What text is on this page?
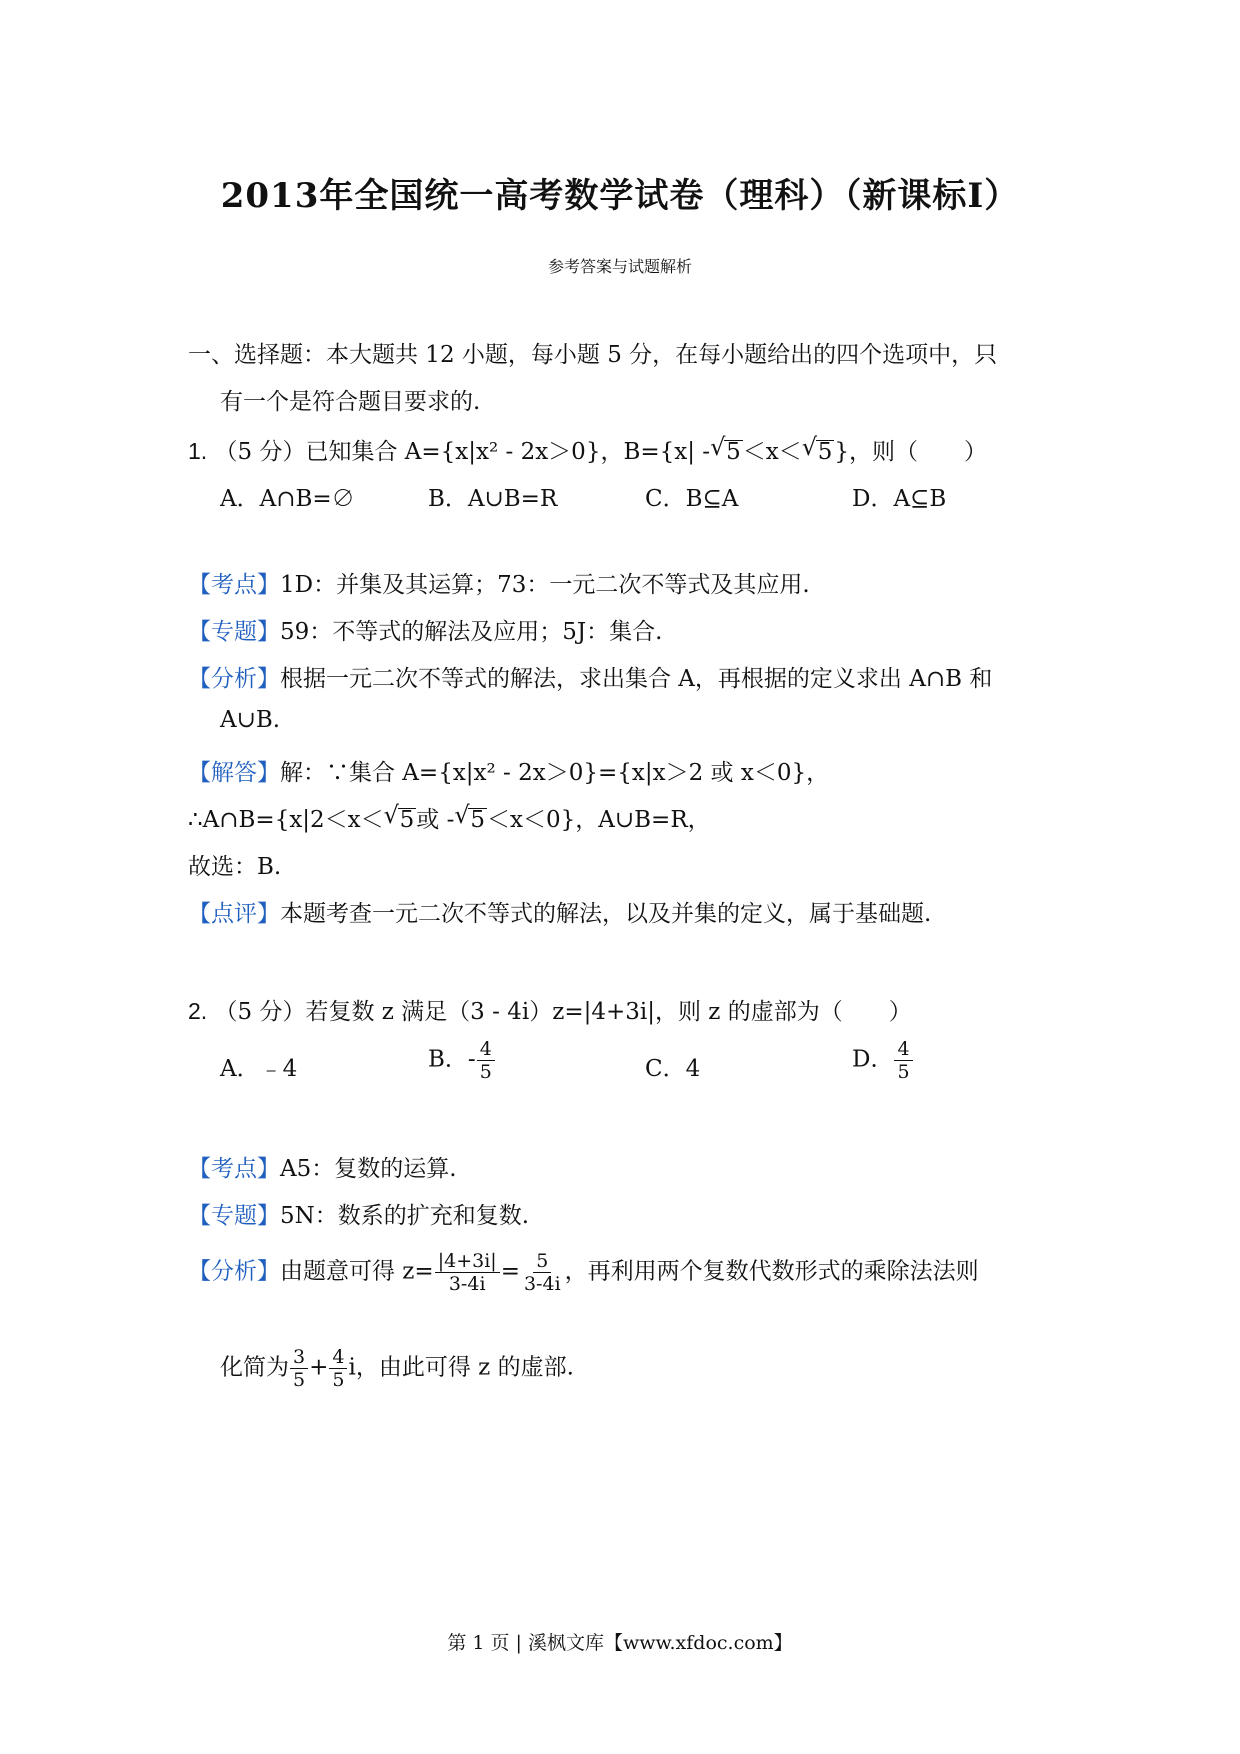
2013年全国统一高考数学试卷（理科）（新课标Ⅰ）
参考答案与试题解析
一、选择题：本大题共 12 小题，每小题 5 分，在每小题给出的四个选项中，只
有一个是符合题目要求的.
1. （5 分）已知集合 A={x|x² - 2x＞0}，B={x| - √ 5＜x＜ √ 5}，则（　　）
A．A∩B=∅	B．A∪B=R	C．B⊆A	D．A⊆B
【考点】1D：并集及其运算；73：一元二次不等式及其应用.
【专题】59：不等式的解法及应用；5J：集合.
【分析】根据一元二次不等式的解法，求出集合 A，再根据的定义求出 A∩B 和
A∪B.
【解答】解：∵集合 A={x|x² - 2x＞0}={x|x＞2 或 x＜0}，
∴A∩B={x|2＜x＜ √ 5或 - √ 5＜x＜0}，A∪B=R，
故选：B.
【点评】本题考查一元二次不等式的解法，以及并集的定义，属于基础题.
2. （5 分）若复数 z 满足（3 - 4i）z=|4+3i|，则 z 的虚部为（　　）
A．﹣4	B．- $\frac{4}{5}$	C．4	D． $\frac{4}{5}$
【考点】A5：复数的运算.
【专题】5N：数系的扩充和复数.
【分析】由题意可得 $z= \frac{|4+3i|}{3-4i} = \frac{5}{3-4i}$ ，再利用两个复数代数形式的乘除法法则
化简为 $\frac{3}{5} + \frac{4}{5}$ i，由此可得 z 的虚部.
第 1 页 | 溪枫文库【www.xfdoc.com】
